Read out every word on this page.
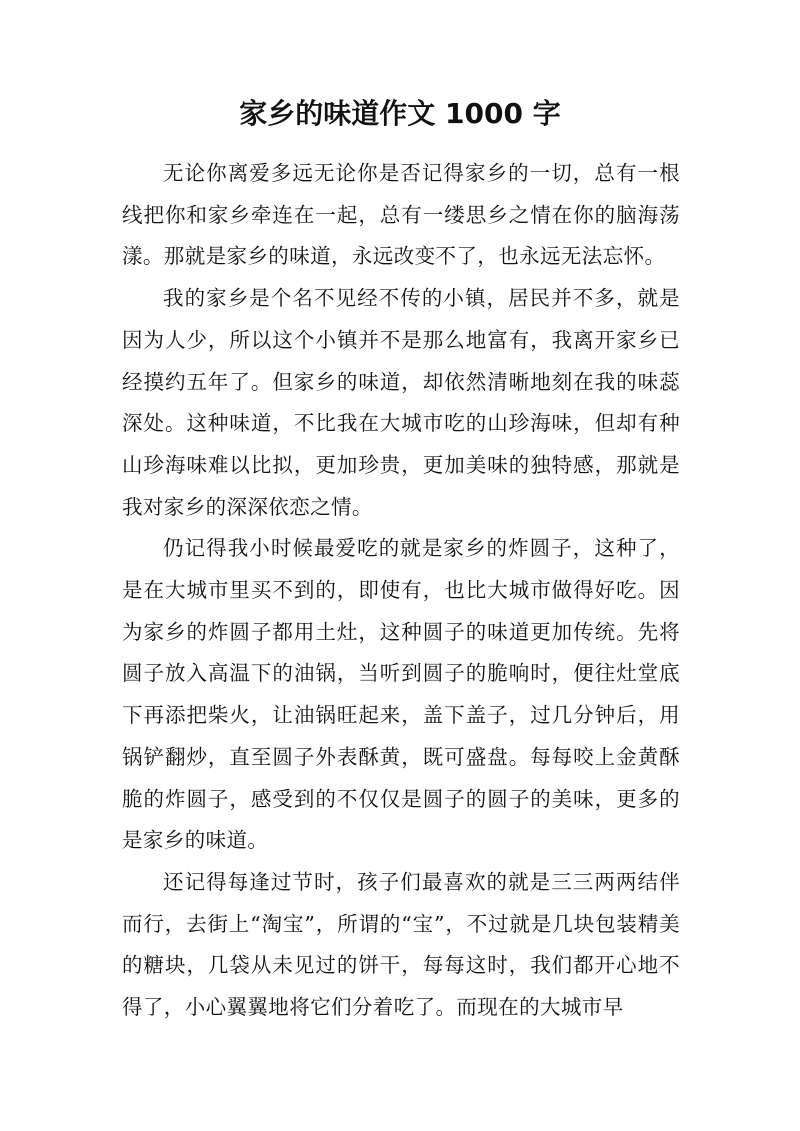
家乡的味道作文 1000 字

无论你离爱多远无论你是否记得家乡的一切，总有一根线把你和家乡牵连在一起，总有一缕思乡之情在你的脑海荡漾。那就是家乡的味道，永远改变不了，也永远无法忘怀。

我的家乡是个名不见经不传的小镇，居民并不多，就是因为人少，所以这个小镇并不是那么地富有，我离开家乡已经摸约五年了。但家乡的味道，却依然清晰地刻在我的味蕊深处。这种味道，不比我在大城市吃的山珍海味，但却有种山珍海味难以比拟，更加珍贵，更加美味的独特感，那就是我对家乡的深深依恋之情。

仍记得我小时候最爱吃的就是家乡的炸圆子，这种了，是在大城市里买不到的，即使有，也比大城市做得好吃。因为家乡的炸圆子都用土灶，这种圆子的味道更加传统。先将圆子放入高温下的油锅，当听到圆子的脆响时，便往灶堂底下再添把柴火，让油锅旺起来，盖下盖子，过几分钟后，用锅铲翻炒，直至圆子外表酥黄，既可盛盘。每每咬上金黄酥脆的炸圆子，感受到的不仅仅是圆子的圆子的美味，更多的是家乡的味道。

还记得每逢过节时，孩子们最喜欢的就是三三两两结伴而行，去街上“淘宝”，所谓的“宝”，不过就是几块包装精美的糖块，几袋从未见过的饼干，每每这时，我们都开心地不得了，小心翼翼地将它们分着吃了。而现在的大城市早
